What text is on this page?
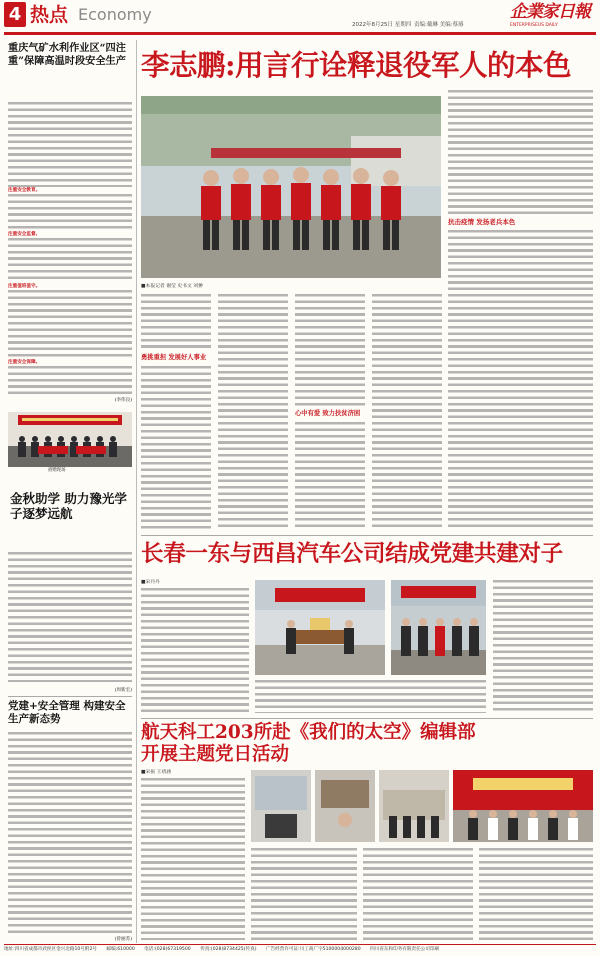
4 热点 Economy
2022年8月25日 星期四 责编:戴琳 美编:蔡璿
企業家日報
ENTERPRISEUS DAILY
重庆气矿水利作业区“四注重”保障高温时段安全生产
注重安全教育。
注重安全监督。
注重值班值守。
注重安全保障。
(李伟良)
捐赠现场
金秋助学 助力豫光学子逐梦远航
(周新宏)
党建+安全管理 构建安全生产新态势
(曾丽苏)
李志鹏:用言行诠释退役军人的本色
抗击疫情 发扬老兵本色
■本报记者 谢莹 史书文 刘翀
勇挑重担 发展好人事业
心中有爱 致力扶贫济困
长春一东与西昌汽车公司结成党建共建对子
■宋丹丹
航天科工203所赴《我们的太空》编辑部开展主题党日活动
■宋振 王靖涵
地址:四川省成都市武侯区金兴北路10号附2号 邮编:610000 电话:(028)67319500 传真:(028)8734425(传真) 广告经营许可证:川工商广字5100004000280 四川省东和印务有限责任公司印刷
